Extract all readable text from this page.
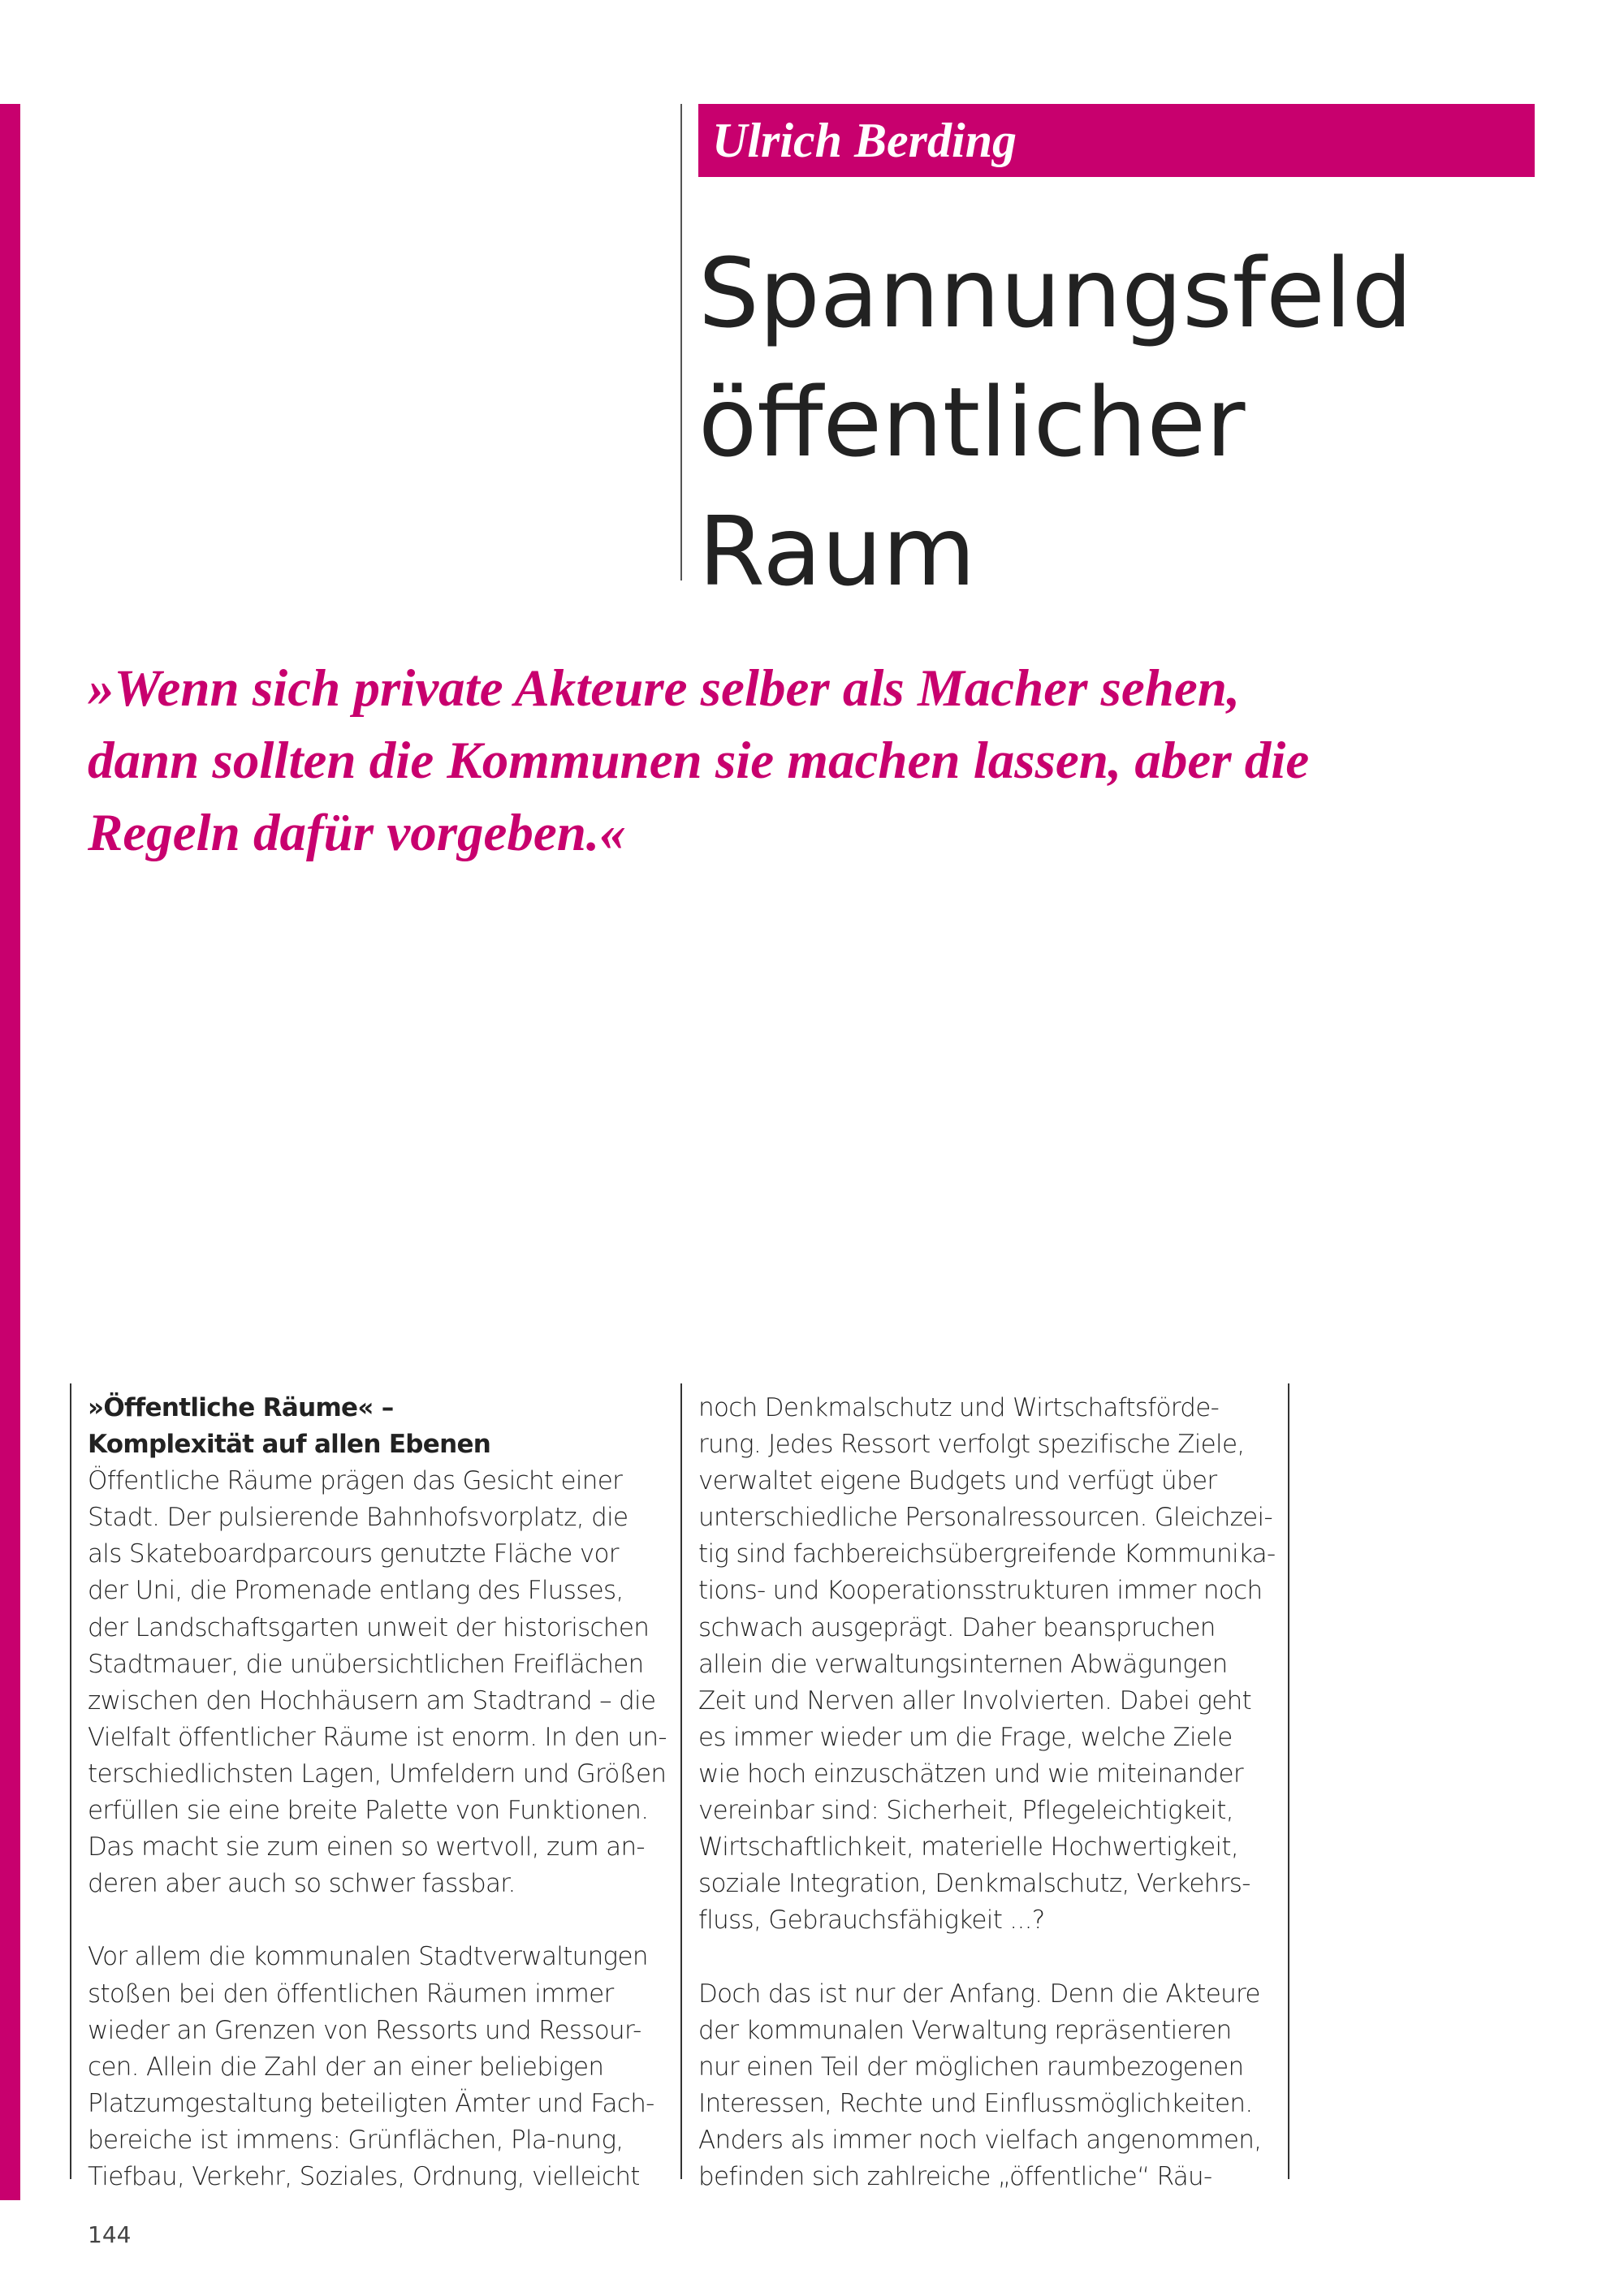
Ulrich Berding
Spannungsfeld
öffentlicher
Raum
»Wenn sich private Akteure selber als Macher sehen,
dann sollten die Kommunen sie machen lassen, aber die
Regeln dafür vorgeben.«
»Öffentliche Räume« –
Komplexität auf allen Ebenen
Öffentliche Räume prägen das Gesicht einer
Stadt. Der pulsierende Bahnhofsvorplatz, die
als Skateboardparcours genutzte Fläche vor
der Uni, die Promenade entlang des Flusses,
der Landschaftsgarten unweit der historischen
Stadtmauer, die unübersichtlichen Freiflächen
zwischen den Hochhäusern am Stadtrand – die
Vielfalt öffentlicher Räume ist enorm. In den un-
terschiedlichsten Lagen, Umfeldern und Größen
erfüllen sie eine breite Palette von Funktionen.
Das macht sie zum einen so wertvoll, zum an-
deren aber auch so schwer fassbar.
Vor allem die kommunalen Stadtverwaltungen
stoßen bei den öffentlichen Räumen immer
wieder an Grenzen von Ressorts und Ressour-
cen. Allein die Zahl der an einer beliebigen
Platzumgestaltung beteiligten Ämter und Fach-
bereiche ist immens: Grünflächen, Pla-nung,
Tiefbau, Verkehr, Soziales, Ordnung, vielleicht
noch Denkmalschutz und Wirtschaftsförde-
rung. Jedes Ressort verfolgt spezifische Ziele,
verwaltet eigene Budgets und verfügt über
unterschiedliche Personalressourcen. Gleichzei-
tig sind fachbereichsübergreifende Kommunika-
tions- und Kooperationsstrukturen immer noch
schwach ausgeprägt. Daher beanspruchen
allein die verwaltungsinternen Abwägungen
Zeit und Nerven aller Involvierten. Dabei geht
es immer wieder um die Frage, welche Ziele
wie hoch einzuschätzen und wie miteinander
vereinbar sind: Sicherheit, Pflegeleichtigkeit,
Wirtschaftlichkeit, materielle Hochwertigkeit,
soziale Integration, Denkmalschutz, Verkehrs-
fluss, Gebrauchsfähigkeit ...?
Doch das ist nur der Anfang. Denn die Akteure
der kommunalen Verwaltung repräsentieren
nur einen Teil der möglichen raumbezogenen
Interessen, Rechte und Einflussmöglichkeiten.
Anders als immer noch vielfach angenommen,
befinden sich zahlreiche „öffentliche“ Räu-
144
